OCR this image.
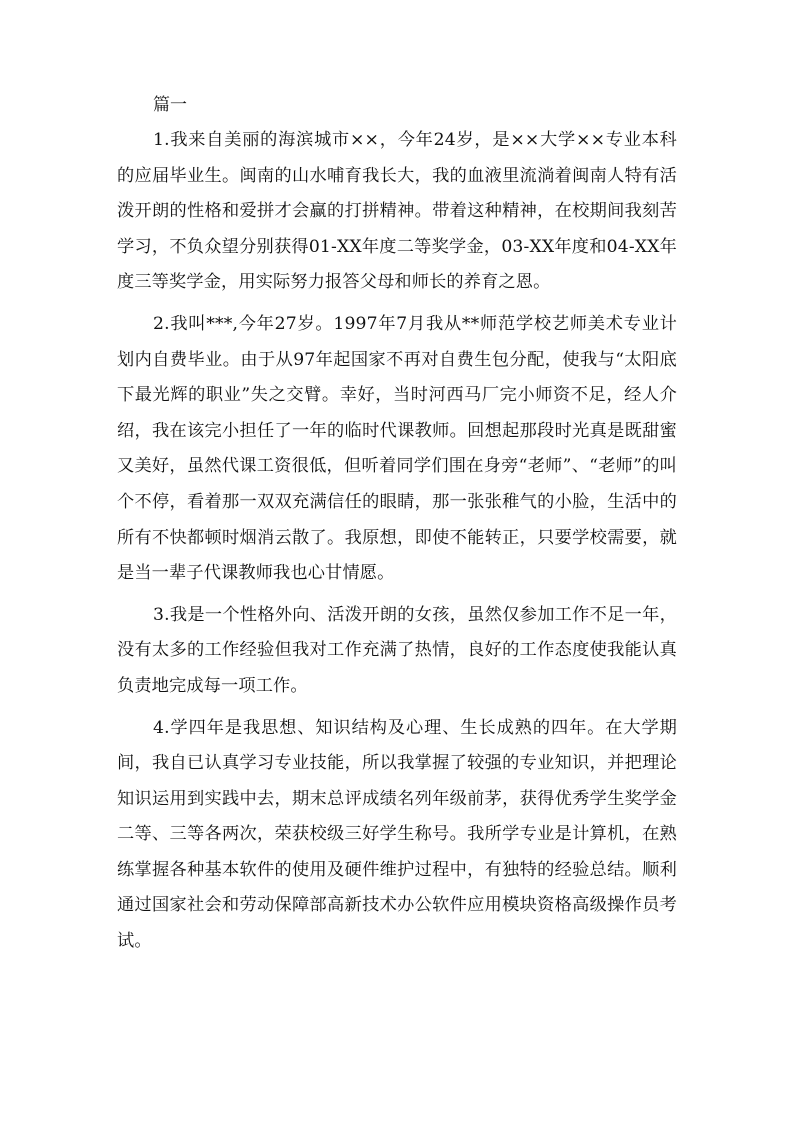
篇一

1.我来自美丽的海滨城市××，今年24岁，是××大学××专业本科的应届毕业生。闽南的山水哺育我长大，我的血液里流淌着闽南人特有活泼开朗的性格和爱拼才会赢的打拼精神。带着这种精神，在校期间我刻苦学习，不负众望分别获得01-XX年度二等奖学金，03-XX年度和04-XX年度三等奖学金，用实际努力报答父母和师长的养育之恩。

2.我叫***,今年27岁。1997年7月我从**师范学校艺师美术专业计划内自费毕业。由于从97年起国家不再对自费生包分配，使我与“太阳底下最光辉的职业”失之交臂。幸好，当时河西马厂完小师资不足，经人介绍，我在该完小担任了一年的临时代课教师。回想起那段时光真是既甜蜜又美好，虽然代课工资很低，但听着同学们围在身旁“老师”、“老师”的叫个不停，看着那一双双充满信任的眼睛，那一张张稚气的小脸，生活中的所有不快都顿时烟消云散了。我原想，即使不能转正，只要学校需要，就是当一辈子代课教师我也心甘情愿。

3.我是一个性格外向、活泼开朗的女孩，虽然仅参加工作不足一年，没有太多的工作经验但我对工作充满了热情，良好的工作态度使我能认真负责地完成每一项工作。

4.学四年是我思想、知识结构及心理、生长成熟的四年。在大学期间，我自已认真学习专业技能，所以我掌握了较强的专业知识，并把理论知识运用到实践中去，期末总评成绩名列年级前茅，获得优秀学生奖学金二等、三等各两次，荣获校级三好学生称号。我所学专业是计算机，在熟练掌握各种基本软件的使用及硬件维护过程中，有独特的经验总结。顺利通过国家社会和劳动保障部高新技术办公软件应用模块资格高级操作员考试。
